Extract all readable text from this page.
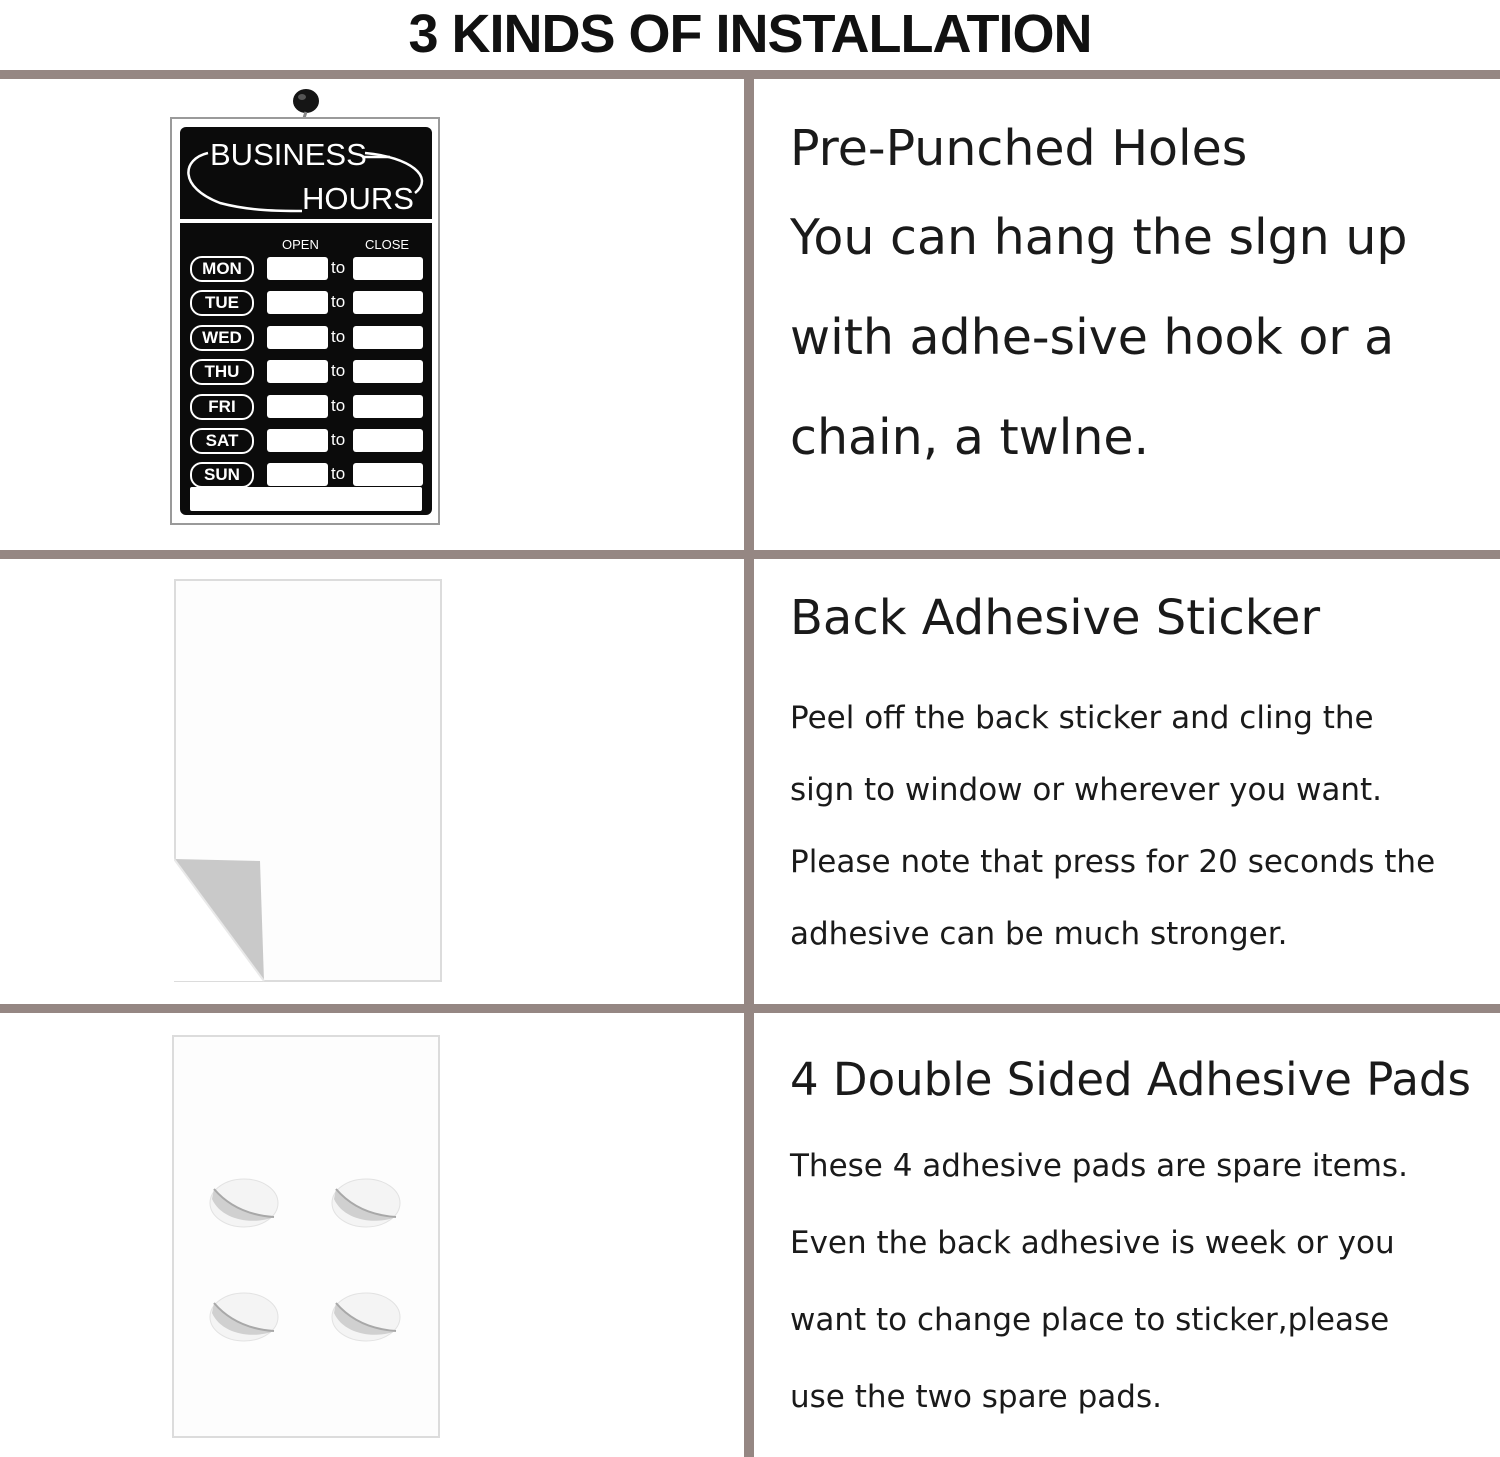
3 KINDS OF INSTALLATION
BUSINESS
HOURS
OPEN	CLOSE
MON	to
TUE	to
WED	to
THU	to
FRI	to
SAT	to
SUN	to
Pre-Punched Holes
You can hang the slgn up
with adhe-sive hook or a
chain, a twlne.
Back Adhesive Sticker
Peel off the back sticker and cling the
sign to window or wherever you want.
Please note that press for 20 seconds the
adhesive can be much stronger.
4 Double Sided Adhesive Pads
These 4 adhesive pads are spare items.
Even the back adhesive is week or you
want to change place to sticker,please
use the two spare pads.
